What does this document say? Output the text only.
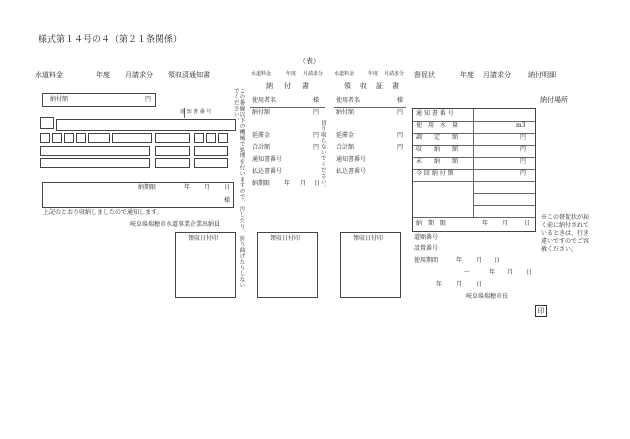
様式第１４号の４（第２１条関係）
（表）
水道料金	年度 月請求分 領収済通知書
納付額	円
通 知 書 番 号
納期限	年 月 日
様
上記のとおり収納しましたので通知します。
岐阜県瑞穂市水道事業企業出納員	この番線以下の機械で処理を行いますので、汚したり、折り曲げたりしないでください。
切り取らないでください。
水道料金	年度 月請求分
納　付　書
使用者名	様
納付額	円
延滞金	円
合計額	円
通知書番号
払込書番号
納期限 年 月 日
水道料金	年度 月請求分
領　収　証　書
使用者名	様
納付額	円
延滞金	円
合計額	円
通知書番号
払込書番号
領収日付印	領収日付印	領収日付印
督促状	年度 月請求分 納付明細
納付場所
通 知 書 番 号
使　用　水　量	m3
調　　定　　額	円
収　　納　　額	円
未　　納　　額	円
今 回 納 付 額	円
納　期　限	年 月	日
道順番号
設置番号
使用期間	年 月 日
〜	年 月 日
年 月 日
岐阜県瑞穂市長
印
※この督促状が届く前に納付されているときは、行き違いですのでご容赦ください。
